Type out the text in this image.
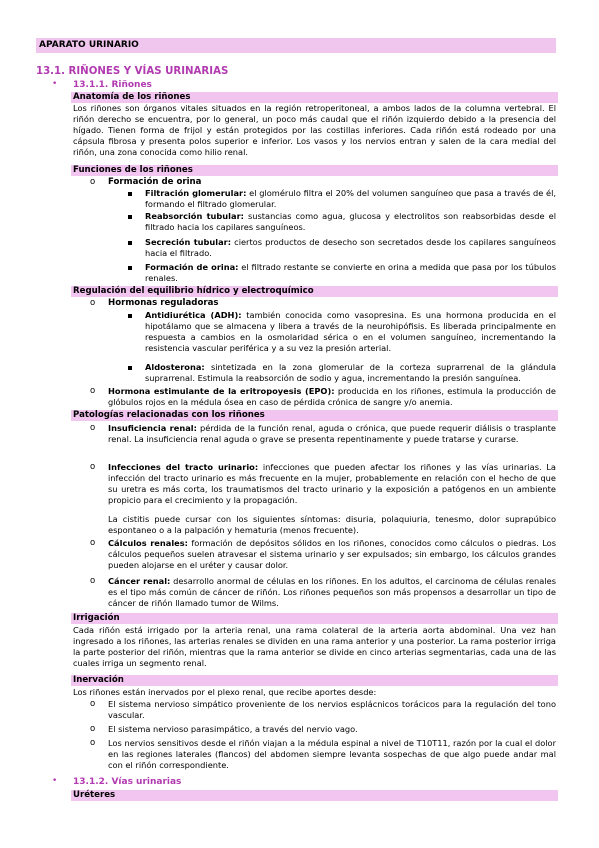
APARATO URINARIO
13.1. RIÑONES Y VÍAS URINARIAS
• 13.1.1. Riñones
Anatomía de los riñones
Los riñones son órganos vitales situados en la región retroperitoneal, a ambos lados de la columna vertebral. El riñón derecho se encuentra, por lo general, un poco más caudal que el riñón izquierdo debido a la presencia del hígado. Tienen forma de frijol y están protegidos por las costillas inferiores. Cada riñón está rodeado por una cápsula fibrosa y presenta polos superior e inferior. Los vasos y los nervios entran y salen de la cara medial del riñón, una zona conocida como hilio renal.
Funciones de los riñones
o Formación de orina
Filtración glomerular: el glomérulo filtra el 20% del volumen sanguíneo que pasa a través de él, formando el filtrado glomerular.
Reabsorción tubular: sustancias como agua, glucosa y electrolitos son reabsorbidas desde el filtrado hacia los capilares sanguíneos.
Secreción tubular: ciertos productos de desecho son secretados desde los capilares sanguíneos hacia el filtrado.
Formación de orina: el filtrado restante se convierte en orina a medida que pasa por los túbulos renales.
Regulación del equilibrio hídrico y electroquímico
o Hormonas reguladoras
Antidiurética (ADH): también conocida como vasopresina. Es una hormona producida en el hipotálamo que se almacena y libera a través de la neurohipófisis. Es liberada principalmente en respuesta a cambios en la osmolaridad sérica o en el volumen sanguíneo, incrementando la resistencia vascular periférica y a su vez la presión arterial.
Aldosterona: sintetizada en la zona glomerular de la corteza suprarrenal de la glándula suprarrenal. Estimula la reabsorción de sodio y agua, incrementando la presión sanguínea.
o Hormona estimulante de la eritropoyesis (EPO): producida en los riñones, estimula la producción de glóbulos rojos en la médula ósea en caso de pérdida crónica de sangre y/o anemia.
Patologías relacionadas con los riñones
o Insuficiencia renal: pérdida de la función renal, aguda o crónica, que puede requerir diálisis o trasplante renal. La insuficiencia renal aguda o grave se presenta repentinamente y puede tratarse y curarse.
o Infecciones del tracto urinario: infecciones que pueden afectar los riñones y las vías urinarias. La infección del tracto urinario es más frecuente en la mujer, probablemente en relación con el hecho de que su uretra es más corta, los traumatismos del tracto urinario y la exposición a patógenos en un ambiente propicio para el crecimiento y la propagación.
La cistitis puede cursar con los siguientes síntomas: disuria, polaquiuria, tenesmo, dolor suprapúbico espontaneo o a la palpación y hematuria (menos frecuente).
o Cálculos renales: formación de depósitos sólidos en los riñones, conocidos como cálculos o piedras. Los cálculos pequeños suelen atravesar el sistema urinario y ser expulsados; sin embargo, los cálculos grandes pueden alojarse en el uréter y causar dolor.
o Cáncer renal: desarrollo anormal de células en los riñones. En los adultos, el carcinoma de células renales es el tipo más común de cáncer de riñón. Los riñones pequeños son más propensos a desarrollar un tipo de cáncer de riñón llamado tumor de Wilms.
Irrigación
Cada riñón está irrigado por la arteria renal, una rama colateral de la arteria aorta abdominal. Una vez han ingresado a los riñones, las arterias renales se dividen en una rama anterior y una posterior. La rama posterior irriga la parte posterior del riñón, mientras que la rama anterior se divide en cinco arterias segmentarias, cada una de las cuales irriga un segmento renal.
Inervación
Los riñones están inervados por el plexo renal, que recibe aportes desde:
o El sistema nervioso simpático proveniente de los nervios esplácnicos torácicos para la regulación del tono vascular.
o El sistema nervioso parasimpático, a través del nervio vago.
o Los nervios sensitivos desde el riñón viajan a la médula espinal a nivel de T10T11, razón por la cual el dolor en las regiones laterales (flancos) del abdomen siempre levanta sospechas de que algo puede andar mal con el riñón correspondiente.
• 13.1.2. Vías urinarias
Uréteres
